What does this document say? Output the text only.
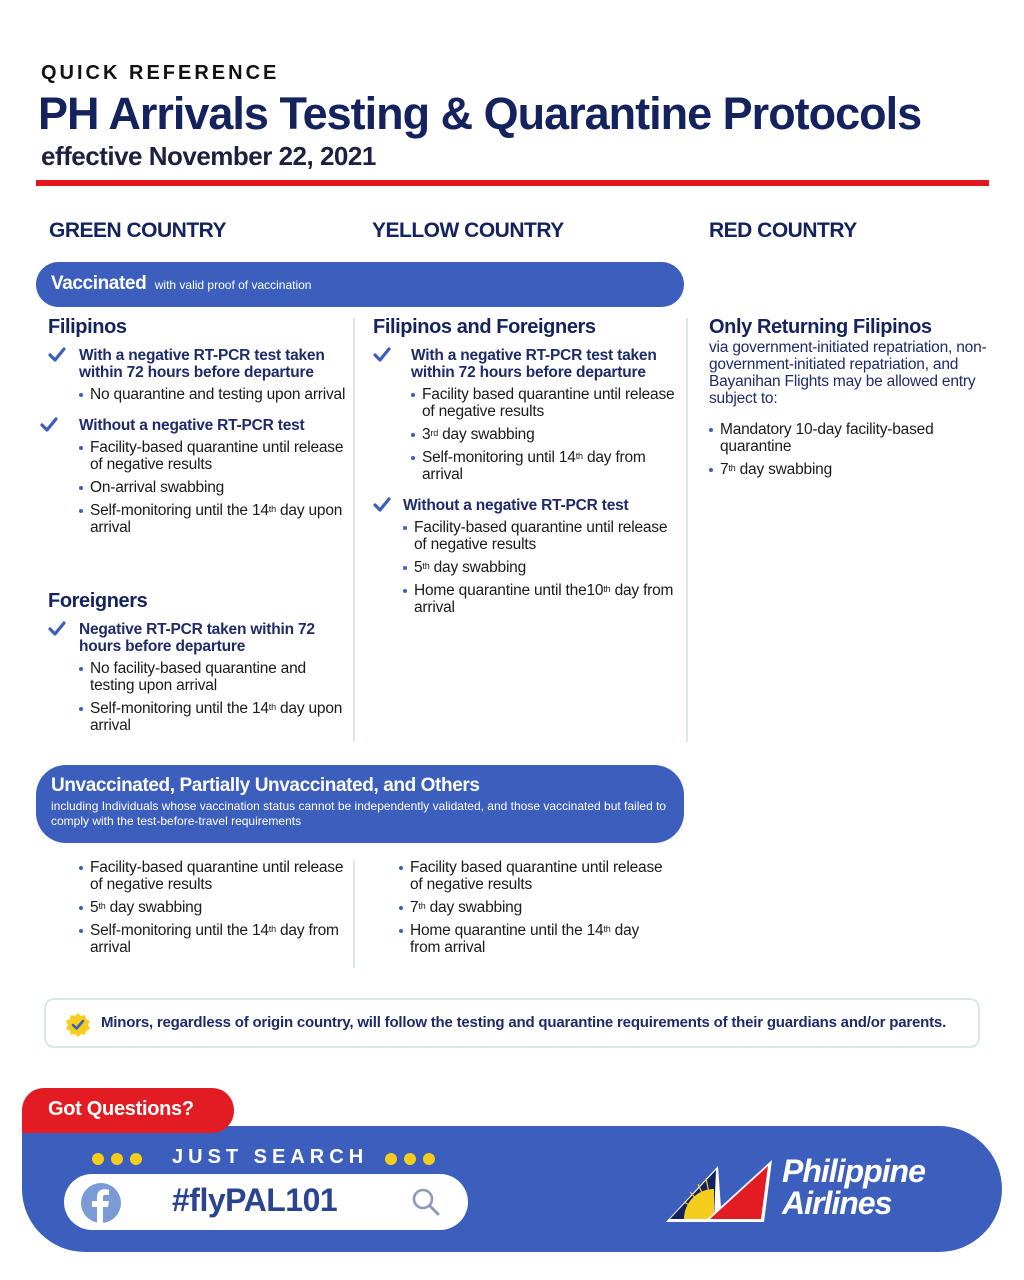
QUICK REFERENCE
PH Arrivals Testing & Quarantine Protocols
effective November 22, 2021
GREEN COUNTRY	YELLOW COUNTRY	RED COUNTRY
Vaccinated with valid proof of vaccination
Filipinos
With a negative RT-PCR test taken within 72 hours before departure
No quarantine and testing upon arrival
Without a negative RT-PCR test
Facility-based quarantine until release of negative results
On-arrival swabbing
Self-monitoring until the 14th day upon arrival
Foreigners
Negative RT-PCR taken within 72 hours before departure
No facility-based quarantine and testing upon arrival
Self-monitoring until the 14th day upon arrival
Filipinos and Foreigners
With a negative RT-PCR test taken within 72 hours before departure
Facility based quarantine until release of negative results
3rd day swabbing
Self-monitoring until 14th day from arrival
Without a negative RT-PCR test
Facility-based quarantine until release of negative results
5th day swabbing
Home quarantine until the10th day from arrival
Only Returning Filipinos
via government-initiated repatriation, non-government-initiated repatriation, and Bayanihan Flights may be allowed entry subject to:
Mandatory 10-day facility-based quarantine
7th day swabbing
Unvaccinated, Partially Unvaccinated, and Others
including Individuals whose vaccination status cannot be independently validated, and those vaccinated but failed to comply with the test-before-travel requirements
Facility-based quarantine until release of negative results
5th day swabbing
Self-monitoring until the 14th day from arrival
Facility based quarantine until release of negative results
7th day swabbing
Home quarantine until the 14th day from arrival
Minors, regardless of origin country, will follow the testing and quarantine requirements of their guardians and/or parents.
Got Questions?
JUST SEARCH
#flyPAL101
Philippine
Airlines
